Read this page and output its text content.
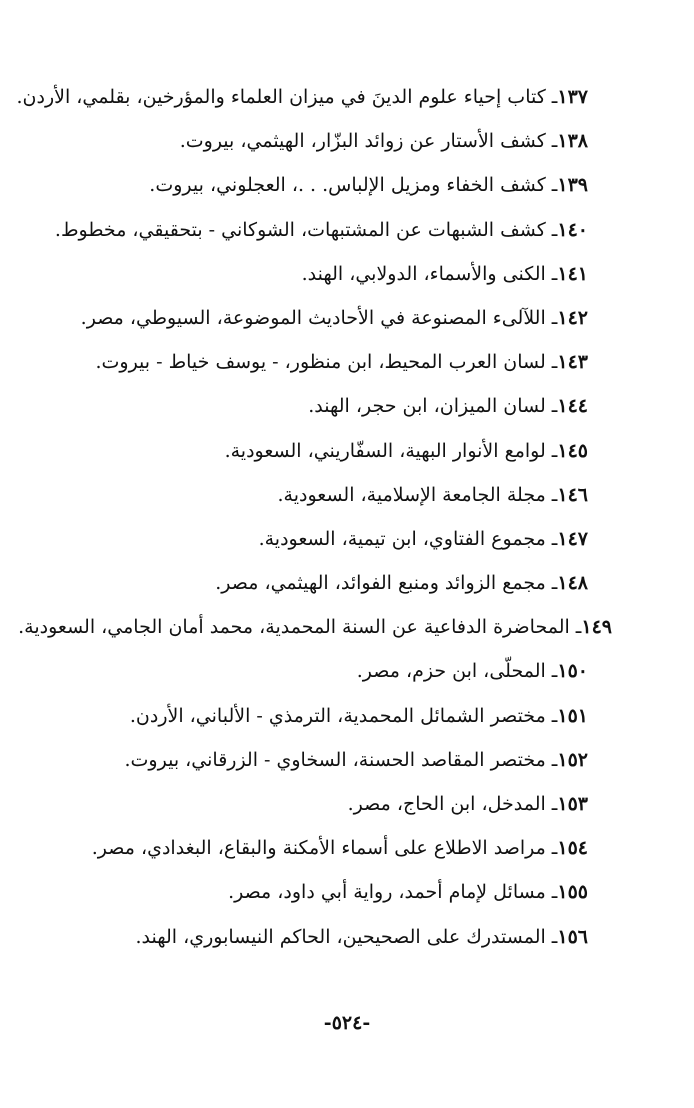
١٣٧ـ كتاب إحياء علوم الدينَ في ميزان العلماء والمؤرخين، بقلمي، الأردن.
١٣٨ـ كشف الأستار عن زوائد البزّار، الهيثمي، بيروت.
١٣٩ـ كشف الخفاء ومزيل الإلباس. . .، العجلوني، بيروت.
١٤٠ـ كشف الشبهات عن المشتبهات، الشوكاني - بتحقيقي، مخطوط.
١٤١ـ الكنى والأسماء، الدولابي، الهند.
١٤٢ـ اللآلىء المصنوعة في الأحاديث الموضوعة، السيوطي، مصر.
١٤٣ـ لسان العرب المحيط، ابن منظور، - يوسف خياط - بيروت.
١٤٤ـ لسان الميزان، ابن حجر، الهند.
١٤٥ـ لوامع الأنوار البهية، السفّاريني، السعودية.
١٤٦ـ مجلة الجامعة الإسلامية، السعودية.
١٤٧ـ مجموع الفتاوي، ابن تيمية، السعودية.
١٤٨ـ مجمع الزوائد ومنبع الفوائد، الهيثمي، مصر.
١٤٩ـ المحاضرة الدفاعية عن السنة المحمدية، محمد أمان الجامي، السعودية.
١٥٠ـ المحلّى، ابن حزم، مصر.
١٥١ـ مختصر الشمائل المحمدية، الترمذي - الألباني، الأردن.
١٥٢ـ مختصر المقاصد الحسنة، السخاوي - الزرقاني، بيروت.
١٥٣ـ المدخل، ابن الحاج، مصر.
١٥٤ـ مراصد الاطلاع على أسماء الأمكنة والبقاع، البغدادي، مصر.
١٥٥ـ مسائل لإمام أحمد، رواية أبي داود، مصر.
١٥٦ـ المستدرك على الصحيحين، الحاكم النيسابوري، الهند.
-٥٢٤-
